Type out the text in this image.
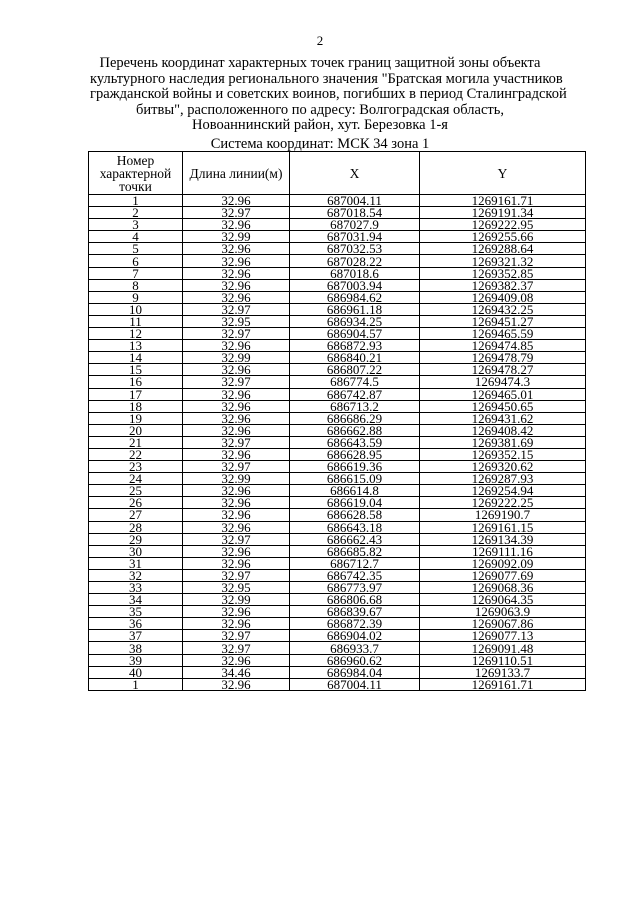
2
Перечень координат характерных точек границ защитной зоны объекта
культурного наследия регионального значения "Братская могила участников
гражданской войны и советских воинов, погибших в период Сталинградской
битвы", расположенного по адресу: Волгоградская область,
Новоаннинский район, хут. Березовка 1-я
Система координат: МСК 34 зона 1
Номер характерной точки	Длина линии(м)	X	Y
1	32.96	687004.11	1269161.71
2	32.97	687018.54	1269191.34
3	32.96	687027.9	1269222.95
4	32.99	687031.94	1269255.66
5	32.96	687032.53	1269288.64
6	32.96	687028.22	1269321.32
7	32.96	687018.6	1269352.85
8	32.96	687003.94	1269382.37
9	32.96	686984.62	1269409.08
10	32.97	686961.18	1269432.25
11	32.95	686934.25	1269451.27
12	32.97	686904.57	1269465.59
13	32.96	686872.93	1269474.85
14	32.99	686840.21	1269478.79
15	32.96	686807.22	1269478.27
16	32.97	686774.5	1269474.3
17	32.96	686742.87	1269465.01
18	32.96	686713.2	1269450.65
19	32.96	686686.29	1269431.62
20	32.96	686662.88	1269408.42
21	32.97	686643.59	1269381.69
22	32.96	686628.95	1269352.15
23	32.97	686619.36	1269320.62
24	32.99	686615.09	1269287.93
25	32.96	686614.8	1269254.94
26	32.96	686619.04	1269222.25
27	32.96	686628.58	1269190.7
28	32.96	686643.18	1269161.15
29	32.97	686662.43	1269134.39
30	32.96	686685.82	1269111.16
31	32.96	686712.7	1269092.09
32	32.97	686742.35	1269077.69
33	32.95	686773.97	1269068.36
34	32.99	686806.68	1269064.35
35	32.96	686839.67	1269063.9
36	32.96	686872.39	1269067.86
37	32.97	686904.02	1269077.13
38	32.97	686933.7	1269091.48
39	32.96	686960.62	1269110.51
40	34.46	686984.04	1269133.7
1	32.96	687004.11	1269161.71
